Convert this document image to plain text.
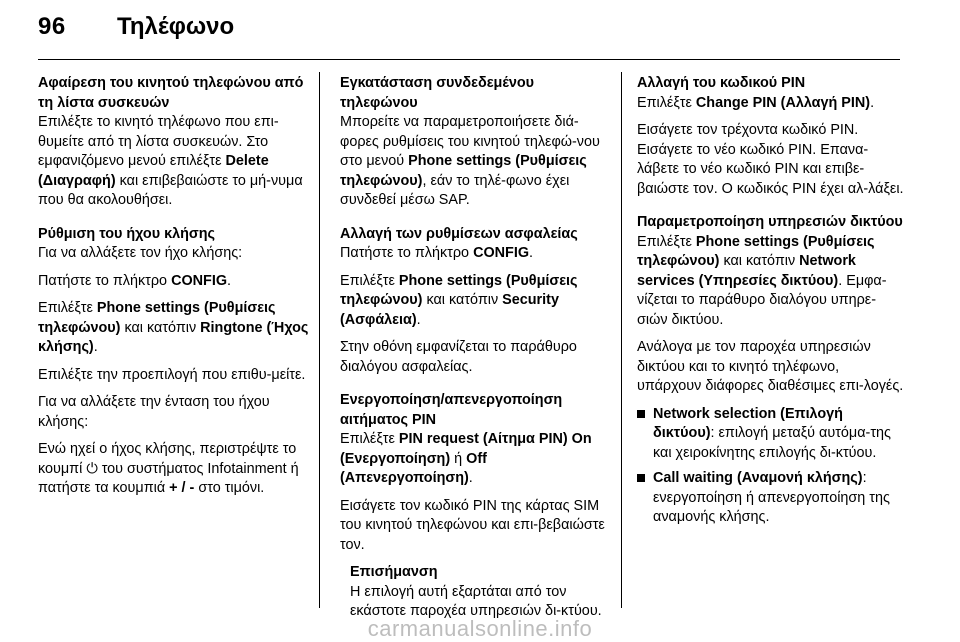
96 Τηλέφωνο
Αφαίρεση του κινητού τηλεφώνου από τη λίστα συσκευών

Επιλέξτε το κινητό τηλέφωνο που επι-θυμείτε από τη λίστα συσκευών. Στο εμφανιζόμενο μενού επιλέξτε Delete (Διαγραφή) και επιβεβαιώστε το μή-νυμα που θα ακολουθήσει.

Ρύθμιση του ήχου κλήσης

Για να αλλάξετε τον ήχο κλήσης:

Πατήστε το πλήκτρο CONFIG.

Επιλέξτε Phone settings (Ρυθμίσεις τηλεφώνου) και κατόπιν Ringtone (Ήχος κλήσης).

Επιλέξτε την προεπιλογή που επιθυ-μείτε.

Για να αλλάξετε την ένταση του ήχου κλήσης:

Ενώ ηχεί ο ήχος κλήσης, περιστρέψτε το κουμπί ⏻ του συστήματος Infotainment ή πατήστε τα κουμπιά + / - στο τιμόνι.

Εγκατάσταση συνδεδεμένου τηλεφώνου

Μπορείτε να παραμετροποιήσετε διά-φορες ρυθμίσεις του κινητού τηλεφώ-νου στο μενού Phone settings (Ρυθμίσεις τηλεφώνου), εάν το τηλέ-φωνο έχει συνδεθεί μέσω SAP.

Αλλαγή των ρυθμίσεων ασφαλείας

Πατήστε το πλήκτρο CONFIG.

Επιλέξτε Phone settings (Ρυθμίσεις τηλεφώνου) και κατόπιν Security (Ασφάλεια).

Στην οθόνη εμφανίζεται το παράθυρο διαλόγου ασφαλείας.

Ενεργοποίηση/απενεργοποίηση αιτήματος PIN

Επιλέξτε PIN request (Αίτημα PIN) On (Ενεργοποίηση) ή Off (Απενεργοποίηση).

Εισάγετε τον κωδικό PIN της κάρτας SIM του κινητού τηλεφώνου και επι-βεβαιώστε τον.

Επισήμανση
Η επιλογή αυτή εξαρτάται από τον εκάστοτε παροχέα υπηρεσιών δι-κτύου.
Αλλαγή του κωδικού PIN

Επιλέξτε Change PIN (Αλλαγή PIN).

Εισάγετε τον τρέχοντα κωδικό PIN. Εισάγετε το νέο κωδικό PIN. Επανα-λάβετε το νέο κωδικό PIN και επιβε-βαιώστε τον. Ο κωδικός PIN έχει αλ-λάξει.

Παραμετροποίηση υπηρεσιών δικτύου

Επιλέξτε Phone settings (Ρυθμίσεις τηλεφώνου) και κατόπιν Network services (Υπηρεσίες δικτύου). Εμφα-νίζεται το παράθυρο διαλόγου υπηρε-σιών δικτύου.

Ανάλογα με τον παροχέα υπηρεσιών δικτύου και το κινητό τηλέφωνο, υπάρχουν διάφορες διαθέσιμες επι-λογές.

Network selection (Επιλογή δικτύου): επιλογή μεταξύ αυτόμα-της και χειροκίνητης επιλογής δι-κτύου.
Call waiting (Αναμονή κλήσης): ενεργοποίηση ή απενεργοποίηση της αναμονής κλήσης.
carmanualsonline.info
